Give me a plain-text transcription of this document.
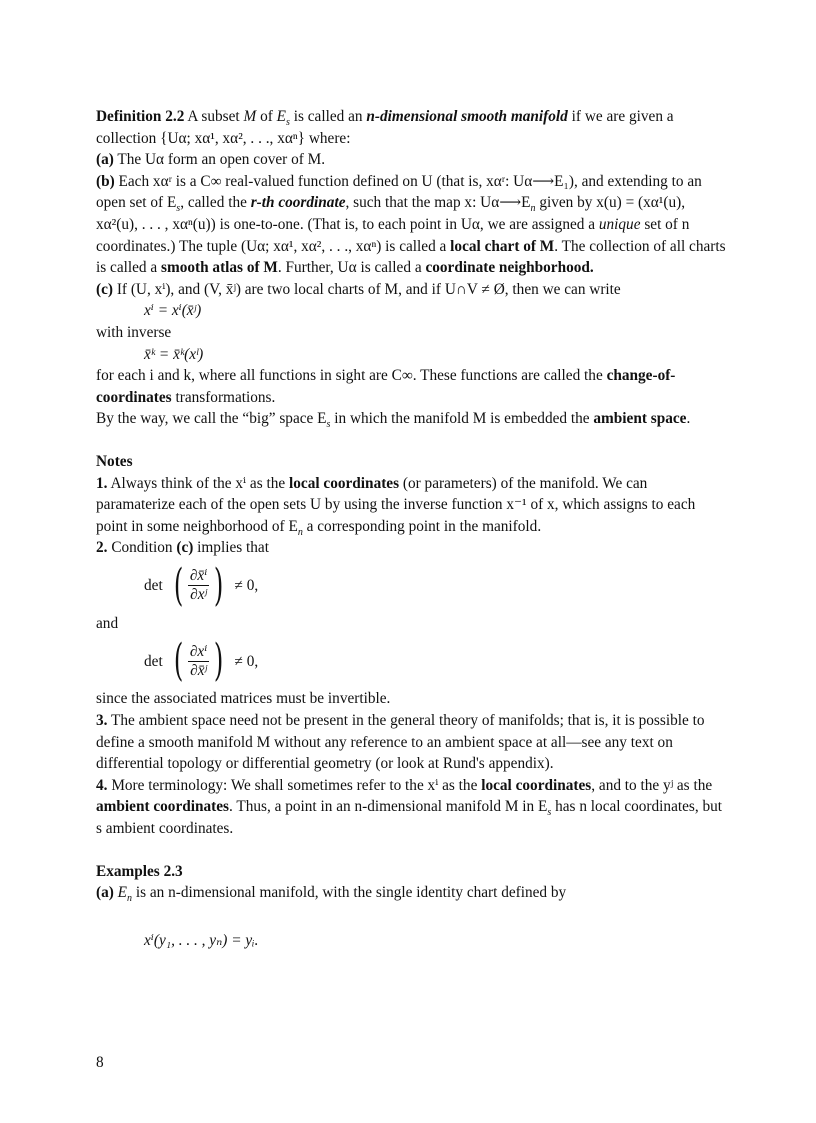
Definition 2.2 A subset M of $E_s$ is called an n-dimensional smooth manifold if we are given a collection {Uα; xα¹, xα², . . ., xαⁿ} where:

(a) The Uα form an open cover of M.

(b) Each xαʳ is a C∞ real-valued function defined on U (that is, xαʳ: Uα⟶E₁), and extending to an open set of $E_s$, called the r-th coordinate, such that the map x: $U\alpha⟶E_n$ given by x(u) = (xα¹(u), xα²(u), . . . , xαⁿ(u)) is one-to-one. (That is, to each point in Uα, we are assigned a unique set of n coordinates.) The tuple (Uα; xα¹, xα², . . ., xαⁿ) is called a local chart of M. The collection of all charts is called a smooth atlas of M. Further, Uα is called a coordinate neighborhood.

(c) If (U, xⁱ), and (V, x̄ʲ) are two local charts of M, and if U∩V ≠ Ø, then we can write

xⁱ = xⁱ(x̄ʲ)

with inverse

x̄ᵏ = x̄ᵏ(xˡ)

for each i and k, where all functions in sight are C∞. These functions are called the change-of-coordinates transformations.

By the way, we call the “big” space $E_s$ in which the manifold M is embedded the ambient space.

Notes

1. Always think of the xⁱ as the local coordinates (or parameters) of the manifold. We can paramaterize each of the open sets U by using the inverse function x⁻¹ of x, which assigns to each point in some neighborhood of $E_n$ a corresponding point in the manifold.

2. Condition (c) implies that

det ( $\frac{\text{∂x̄ⁱ}}{\text{∂xʲ}}$ ) ≠ 0,

and

det ( $\frac{\text{∂xⁱ}}{\text{∂x̄ʲ}}$ ) ≠ 0,

since the associated matrices must be invertible.

3. The ambient space need not be present in the general theory of manifolds; that is, it is possible to define a smooth manifold M without any reference to an ambient space at all—see any text on differential topology or differential geometry (or look at Rund's appendix).

4. More terminology: We shall sometimes refer to the xⁱ as the local coordinates, and to the yʲ as the ambient coordinates. Thus, a point in an n-dimensional manifold M in $E_s$ has n local coordinates, but s ambient coordinates.

Examples 2.3

(a) $E_n$ is an n-dimensional manifold, with the single identity chart defined by

xⁱ(y₁, . . . , yₙ) = yᵢ.

8
